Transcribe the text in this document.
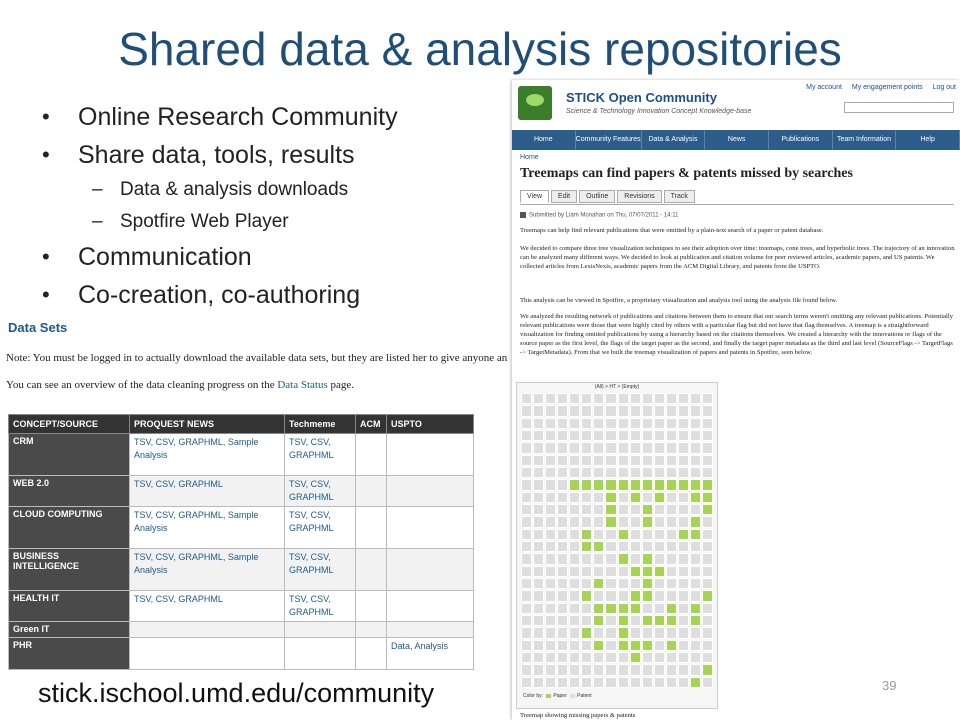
Shared data & analysis repositories
• Online Research Community
• Share data, tools, results
– Data & analysis downloads
– Spotfire Web Player
• Communication
• Co-creation, co-authoring
Data Sets
Note: You must be logged in to actually download the available data sets, but they are listed her to give anyone an
You can see an overview of the data cleaning progress on the Data Status page.
CONCEPT/SOURCE	PROQUEST NEWS	Techmeme	ACM	USPTO
CRM	TSV, CSV, GRAPHML, Sample Analysis	TSV, CSV, GRAPHML		
WEB 2.0	TSV, CSV, GRAPHML	TSV, CSV, GRAPHML		
CLOUD COMPUTING	TSV, CSV, GRAPHML, Sample Analysis	TSV, CSV, GRAPHML		
BUSINESS INTELLIGENCE	TSV, CSV, GRAPHML, Sample Analysis	TSV, CSV, GRAPHML		
HEALTH IT	TSV, CSV, GRAPHML	TSV, CSV, GRAPHML		
Green IT				
PHR				Data, Analysis
STICK Open Community
Science & Technology Innovation Concept Knowledge-base
My account My engagement points Log out
Home	Community Features	Data & Analysis	News	Publications	Team Information	Help
Home
Treemaps can find papers & patents missed by searches
View	Edit	Outline	Revisions	Track
Submitted by Liam Monahan on Thu, 07/07/2011 - 14:11
Treemaps can help find relevant publications that were omitted by a plain-text search of a paper or patent database.
We decided to compare three tree visualization techniques to see their adoption over time: treemaps, cone trees, and hyperbolic trees. The trajectory of an innovation can be analyzed many different ways. We decided to look at publication and citation volume for peer reviewed articles, academic papers, and US patents. We collected articles from LexisNexis, academic papers from the ACM Digital Library, and patents from the USPTO.
This analysis can be viewed in Spotfire, a proprietary visualization and analysis tool using the analysis file found below.
We analyzed the resulting network of publications and citations between them to ensure that our search terms weren't omitting any relevant publications. Potentially relevant publications were those that were highly cited by others with a particular flag but did not have that flag themselves. A treemap is a straightforward visualization for finding omitted publications by using a hierarchy based on the citations themselves. We created a hierarchy with the innovations or flags of the source paper as the first level, the flags of the target paper as the second, and finally the target paper metadata as the third and last level (SourceFlags -> TargetFlags -> TargetMetadata). From that we built the treemap visualization of papers and patents in Spotfire, seen below.
(All) > HT > (Empty)
Color by: Paper Patent
Treemap showing missing papers & patents
stick.ischool.umd.edu/community	39
